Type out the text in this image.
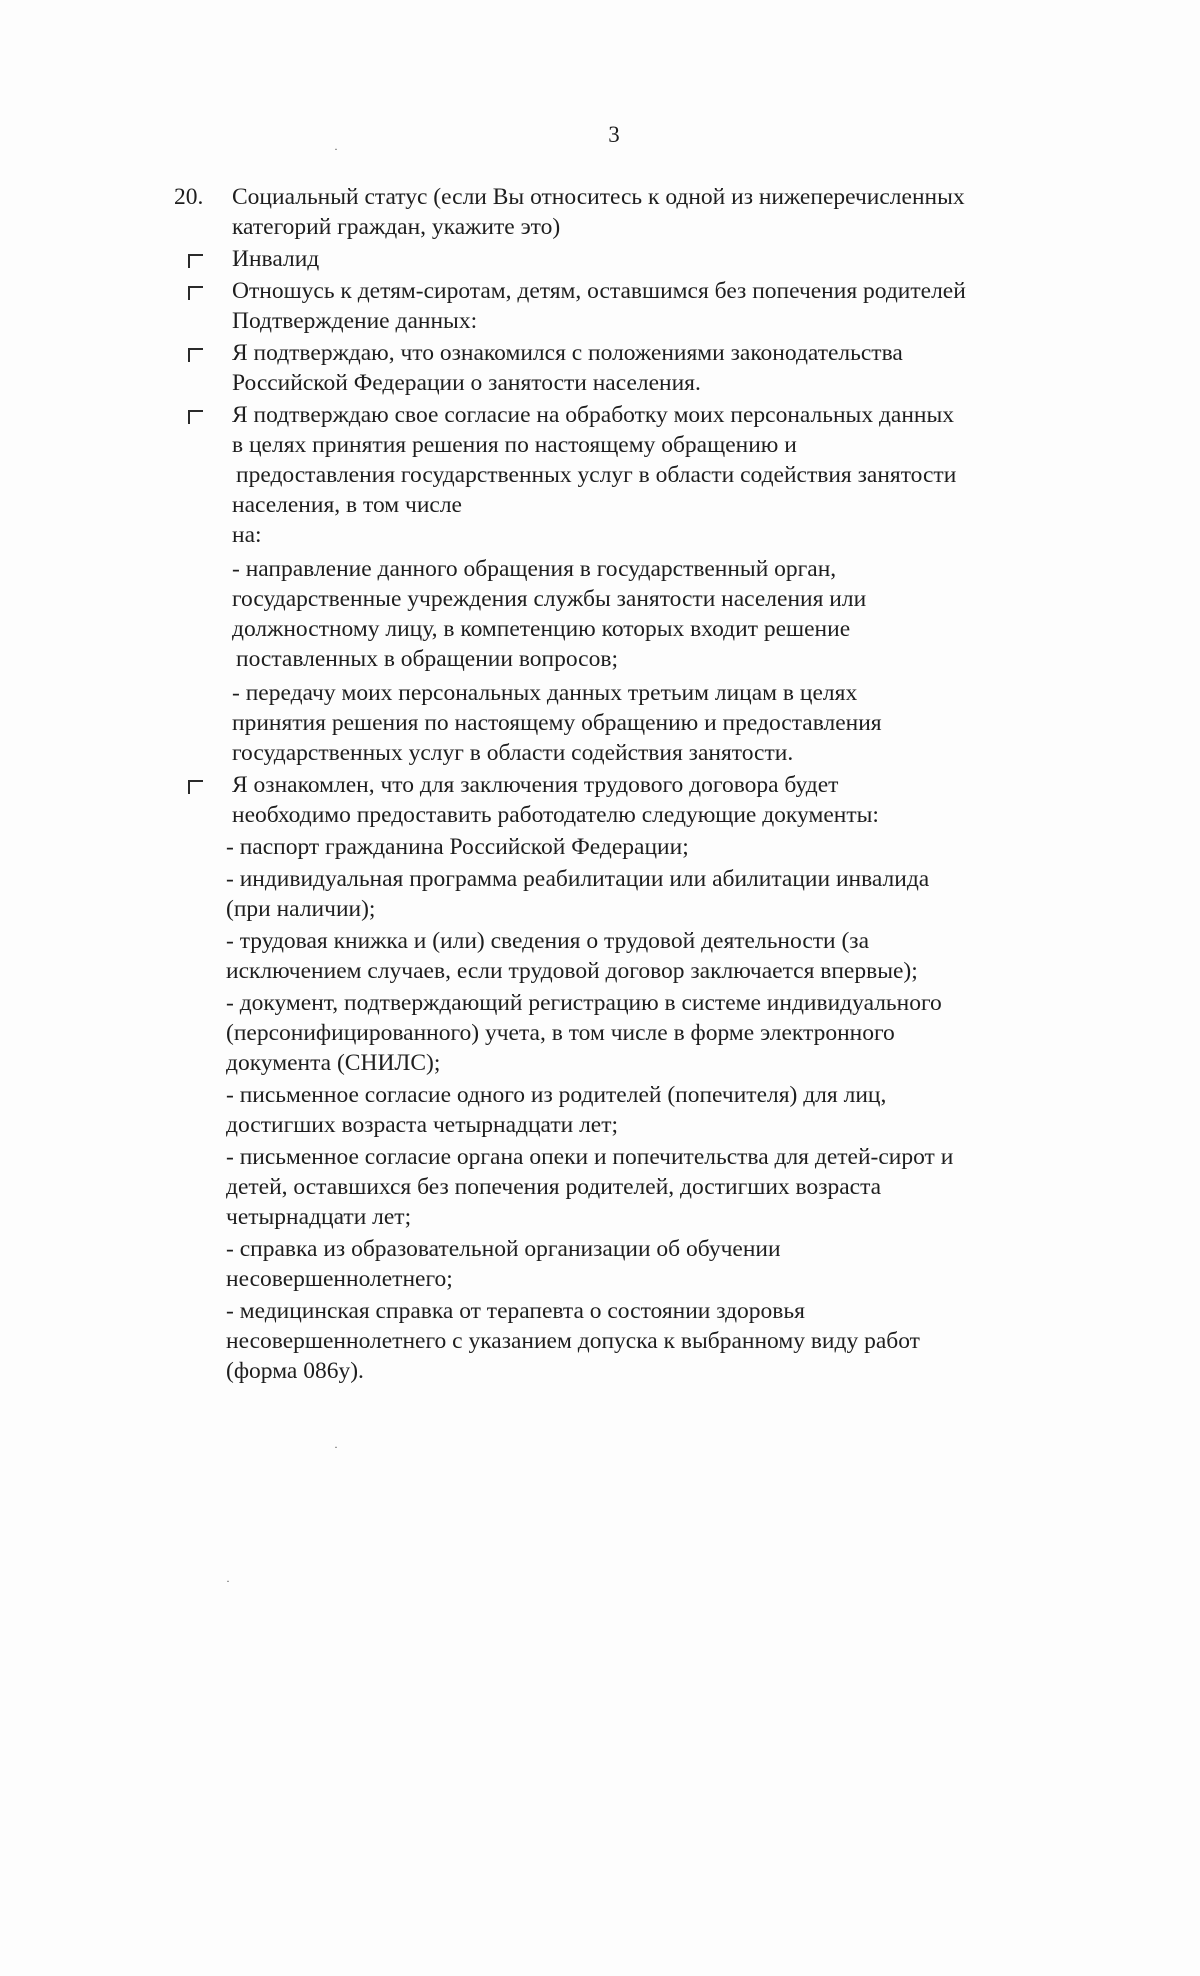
3
20.	Социальный статус (если Вы относитесь к одной из нижеперечисленных
категорий граждан, укажите это)
Инвалид
Отношусь к детям-сиротам, детям, оставшимся без попечения родителей
Подтверждение данных:
Я подтверждаю, что ознакомился с положениями законодательства
Российской Федерации о занятости населения.
Я подтверждаю свое согласие на обработку моих персональных данных
в целях принятия решения по настоящему обращению и
предоставления государственных услуг в области содействия занятости
населения, в том числе
на:
- направление данного обращения в государственный орган,
государственные учреждения службы занятости населения или
должностному лицу, в компетенцию которых входит решение
поставленных в обращении вопросов;
- передачу моих персональных данных третьим лицам в целях
принятия решения по настоящему обращению и предоставления
государственных услуг в области содействия занятости.
Я ознакомлен, что для заключения трудового договора будет
необходимо предоставить работодателю следующие документы:
- паспорт гражданина Российской Федерации;
- индивидуальная программа реабилитации или абилитации инвалида
(при наличии);
- трудовая книжка и (или) сведения о трудовой деятельности (за
исключением случаев, если трудовой договор заключается впервые);
- документ, подтверждающий регистрацию в системе индивидуального
(персонифицированного) учета, в том числе в форме электронного
документа (СНИЛС);
- письменное согласие одного из родителей (попечителя) для лиц,
достигших возраста четырнадцати лет;
- письменное согласие органа опеки и попечительства для детей-сирот и
детей, оставшихся без попечения родителей, достигших возраста
четырнадцати лет;
- справка из образовательной организации об обучении
несовершеннолетнего;
- медицинская справка от терапевта о состоянии здоровья
несовершеннолетнего с указанием допуска к выбранному виду работ
(форма 086у).
·
·
·
